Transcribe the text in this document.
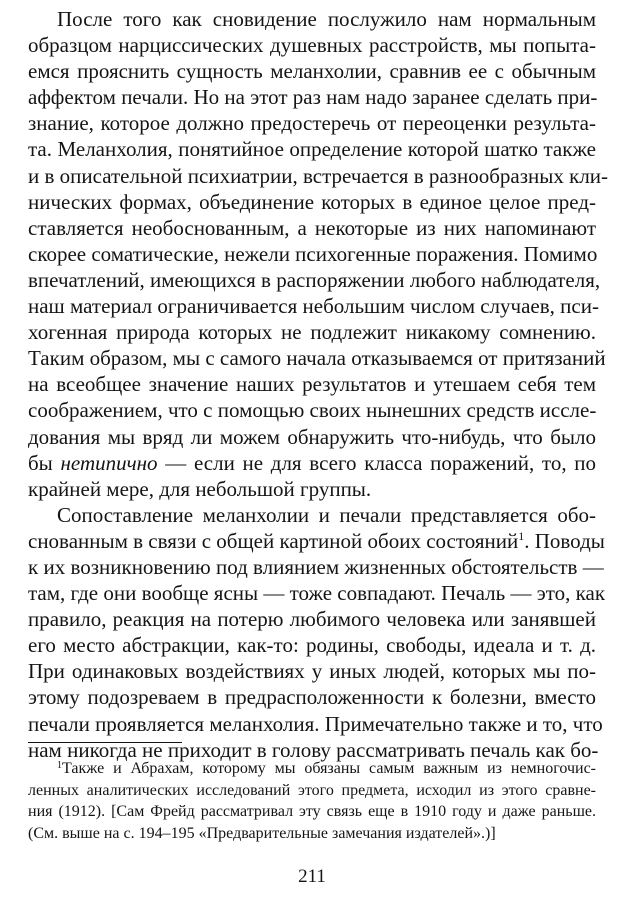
После того как сновидение послужило нам нормальным
образцом нарциссических душевных расстройств, мы попыта-
емся прояснить сущность меланхолии, сравнив ее с обычным
аффектом печали. Но на этот раз нам надо заранее сделать при-
знание, которое должно предостеречь от переоценки результа-
та. Меланхолия, понятийное определение которой шатко также
и в описательной психиатрии, встречается в разнообразных кли-
нических формах, объединение которых в единое целое пред-
ставляется необоснованным, а некоторые из них напоминают
скорее соматические, нежели психогенные поражения. Помимо
впечатлений, имеющихся в распоряжении любого наблюдателя,
наш материал ограничивается небольшим числом случаев, пси-
хогенная природа которых не подлежит никакому сомнению.
Таким образом, мы с самого начала отказываемся от притязаний
на всеобщее значение наших результатов и утешаем себя тем
соображением, что с помощью своих нынешних средств иссле-
дования мы вряд ли можем обнаружить что-нибудь, что было
бы нетипично — если не для всего класса поражений, то, по
крайней мере, для небольшой группы.
Сопоставление меланхолии и печали представляется обо-
снованным в связи с общей картиной обоих состояний$^1$. Поводы
к их возникновению под влиянием жизненных обстоятельств —
там, где они вообще ясны — тоже совпадают. Печаль — это, как
правило, реакция на потерю любимого человека или занявшей
его место абстракции, как-то: родины, свободы, идеала и т. д.
При одинаковых воздействиях у иных людей, которых мы по-
этому подозреваем в предрасположенности к болезни, вместо
печали проявляется меланхолия. Примечательно также и то, что
нам никогда не приходит в голову рассматривать печаль как бо-
$^1$Также и Абрахам, которому мы обязаны самым важным из немногочис-
ленных аналитических исследований этого предмета, исходил из этого сравне-
ния (1912). [Сам Фрейд рассматривал эту связь еще в 1910 году и даже раньше.
(См. выше на с. 194–195 «Предварительные замечания издателей».)]
211
